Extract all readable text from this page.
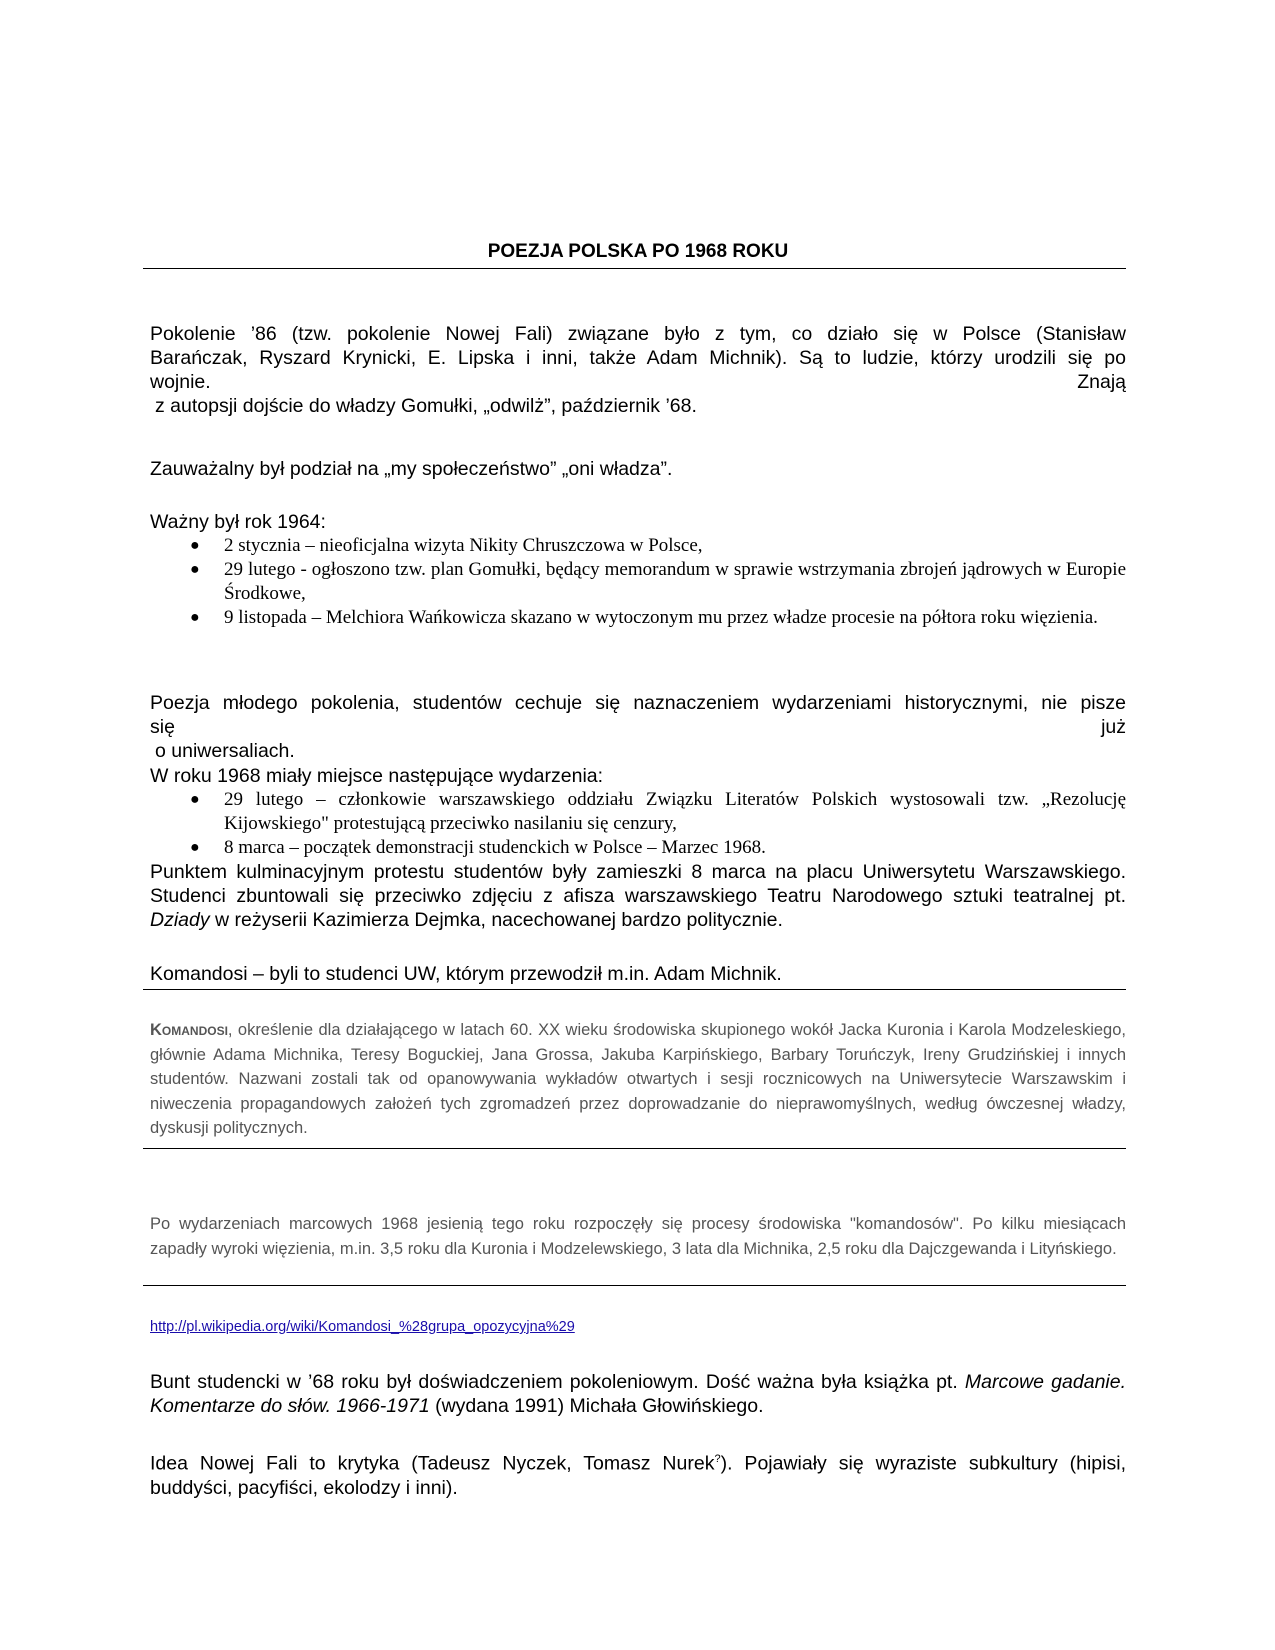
POEZJA POLSKA PO 1968 ROKU
Pokolenie ’86 (tzw. pokolenie Nowej Fali) związane było z tym, co działo się w Polsce (Stanisław
Barańczak, Ryszard Krynicki, E. Lipska i inni, także Adam Michnik). Są to ludzie, którzy urodzili się po
wojnie.	Znają
z autopsji dojście do władzy Gomułki, „odwilż”, październik ’68.
Zauważalny był podział na „my społeczeństwo” „oni władza”.
Ważny był rok 1964:
● 2 stycznia – nieoficjalna wizyta Nikity Chruszczowa w Polsce,
● 29 lutego - ogłoszono tzw. plan Gomułki, będący memorandum w sprawie wstrzymania zbrojeń jądrowych w Europie Środkowe,
● 9 listopada – Melchiora Wańkowicza skazano w wytoczonym mu przez władze procesie na półtora roku więzienia.
Poezja młodego pokolenia, studentów cechuje się naznaczeniem wydarzeniami historycznymi, nie pisze
się	już
o uniwersaliach.
W roku 1968 miały miejsce następujące wydarzenia:
● 29 lutego – członkowie warszawskiego oddziału Związku Literatów Polskich wystosowali tzw. „Rezolucję Kijowskiego" protestującą przeciwko nasilaniu się cenzury,
● 8 marca – początek demonstracji studenckich w Polsce – Marzec 1968.
Punktem kulminacyjnym protestu studentów były zamieszki 8 marca na placu Uniwersytetu Warszawskiego. Studenci zbuntowali się przeciwko zdjęciu z afisza warszawskiego Teatru Narodowego sztuki teatralnej pt. Dziady w reżyserii Kazimierza Dejmka, nacechowanej bardzo politycznie.
Komandosi – byli to studenci UW, którym przewodził m.in. Adam Michnik.
Komandosi, określenie dla działającego w latach 60. XX wieku środowiska skupionego wokół Jacka Kuronia i Karola Modzeleskiego, głównie Adama Michnika, Teresy Boguckiej, Jana Grossa, Jakuba Karpińskiego, Barbary Toruńczyk, Ireny Grudzińskiej i innych studentów. Nazwani zostali tak od opanowywania wykładów otwartych i sesji rocznicowych na Uniwersytecie Warszawskim i niweczenia propagandowych założeń tych zgromadzeń przez doprowadzanie do nieprawomyślnych, według ówczesnej władzy, dyskusji politycznych.
Po wydarzeniach marcowych 1968 jesienią tego roku rozpoczęły się procesy środowiska "komandosów". Po kilku miesiącach zapadły wyroki więzienia, m.in. 3,5 roku dla Kuronia i Modzelewskiego, 3 lata dla Michnika, 2,5 roku dla Dajczgewanda i Lityńskiego.
http://pl.wikipedia.org/wiki/Komandosi_%28grupa_opozycyjna%29
Bunt studencki w ’68 roku był doświadczeniem pokoleniowym. Dość ważna była książka pt. Marcowe gadanie. Komentarze do słów. 1966-1971 (wydana 1991) Michała Głowińskiego.
Idea Nowej Fali to krytyka (Tadeusz Nyczek, Tomasz Nurek?). Pojawiały się wyraziste subkultury (hipisi, buddyści, pacyfiści, ekolodzy i inni).
